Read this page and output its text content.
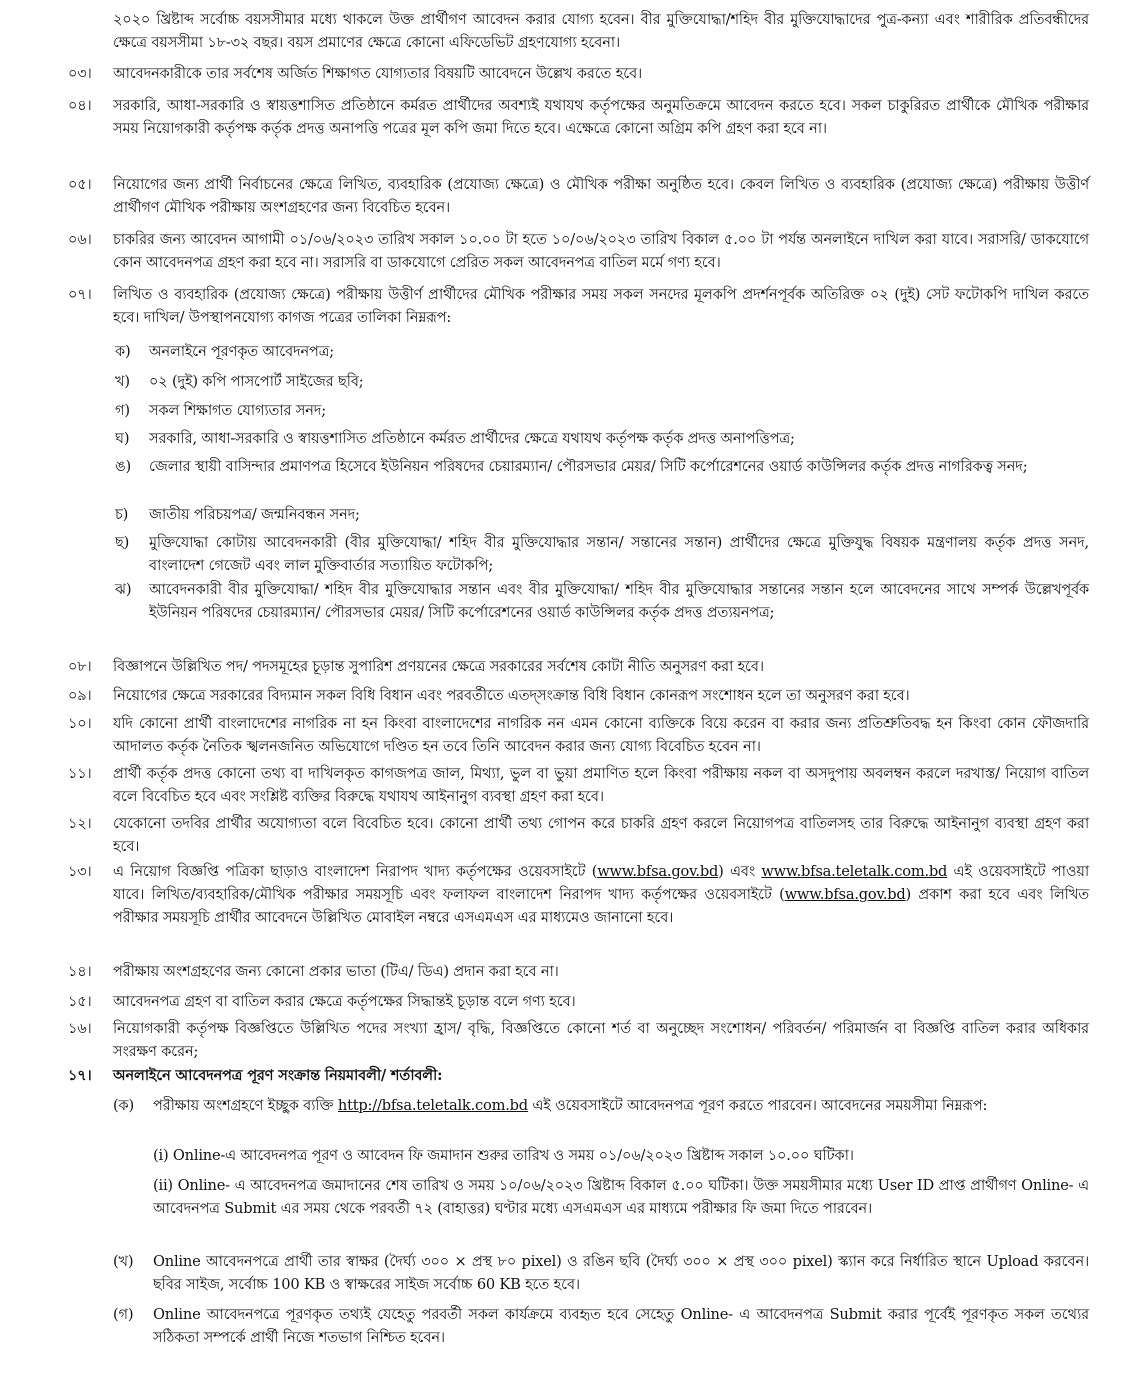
২০২০ খ্রিষ্টাব্দ সর্বোচ্চ বয়সসীমার মধ্যে থাকলে উক্ত প্রার্থীগণ আবেদন করার যোগ্য হবেন। বীর মুক্তিযোদ্ধা/শহিদ বীর মুক্তিযোদ্ধাদের পুত্র-কন্যা এবং শারীরিক প্রতিবন্ধীদের ক্ষেত্রে বয়সসীমা ১৮-৩২ বছর। বয়স প্রমাণের ক্ষেত্রে কোনো এফিডেভিট গ্রহণযোগ্য হবেনা।
০৩।	আবেদনকারীকে তার সর্বশেষ অর্জিত শিক্ষাগত যোগ্যতার বিষয়টি আবেদনে উল্লেখ করতে হবে।
০৪।	সরকারি, আধা-সরকারি ও স্বায়ত্তশাসিত প্রতিষ্ঠানে কর্মরত প্রার্থীদের অবশ্যই যথাযথ কর্তৃপক্ষের অনুমতিক্রমে আবেদন করতে হবে। সকল চাকুরিরত প্রার্থীকে মৌখিক পরীক্ষার সময় নিয়োগকারী কর্তৃপক্ষ কর্তৃক প্রদত্ত অনাপত্তি পত্রের মূল কপি জমা দিতে হবে। এক্ষেত্রে কোনো অগ্রিম কপি গ্রহণ করা হবে না।
০৫।	নিয়োগের জন্য প্রার্থী নির্বাচনের ক্ষেত্রে লিখিত, ব্যবহারিক (প্রযোজ্য ক্ষেত্রে) ও মৌখিক পরীক্ষা অনুষ্ঠিত হবে। কেবল লিখিত ও ব্যবহারিক (প্রযোজ্য ক্ষেত্রে) পরীক্ষায় উত্তীর্ণ প্রার্থীগণ মৌখিক পরীক্ষায় অংশগ্রহণের জন্য বিবেচিত হবেন।
০৬।	চাকরির জন্য আবেদন আগামী ০১/০৬/২০২৩ তারিখ সকাল ১০.০০ টা হতে ১০/০৬/২০২৩ তারিখ বিকাল ৫.০০ টা পর্যন্ত অনলাইনে দাখিল করা যাবে। সরাসরি/ ডাকযোগে কোন আবেদনপত্র গ্রহণ করা হবে না। সরাসরি বা ডাকযোগে প্রেরিত সকল আবেদনপত্র বাতিল মর্মে গণ্য হবে।
০৭।	লিখিত ও ব্যবহারিক (প্রযোজ্য ক্ষেত্রে) পরীক্ষায় উত্তীর্ণ প্রার্থীদের মৌখিক পরীক্ষার সময় সকল সনদের মূলকপি প্রদর্শনপূর্বক অতিরিক্ত ০২ (দুই) সেট ফটোকপি দাখিল করতে হবে। দাখিল/ উপস্থাপনযোগ্য কাগজ পত্রের তালিকা নিম্নরূপ:
ক)	অনলাইনে পূরণকৃত আবেদনপত্র;
খ)	০২ (দুই) কপি পাসপোর্ট সাইজের ছবি;
গ)	সকল শিক্ষাগত যোগ্যতার সনদ;
ঘ)	সরকারি, আধা-সরকারি ও স্বায়ত্তশাসিত প্রতিষ্ঠানে কর্মরত প্রার্থীদের ক্ষেত্রে যথাযথ কর্তৃপক্ষ কর্তৃক প্রদত্ত অনাপত্তিপত্র;
ঙ)	জেলার স্থায়ী বাসিন্দার প্রমাণপত্র হিসেবে ইউনিয়ন পরিষদের চেয়ারম্যান/ পৌরসভার মেয়র/ সিটি কর্পোরেশনের ওয়ার্ড কাউন্সিলর কর্তৃক প্রদত্ত নাগরিকত্ব সনদ;
চ)	জাতীয় পরিচয়পত্র/ জন্মনিবন্ধন সনদ;
ছ)	মুক্তিযোদ্ধা কোটায় আবেদনকারী (বীর মুক্তিযোদ্ধা/ শহিদ বীর মুক্তিযোদ্ধার সন্তান/ সন্তানের সন্তান) প্রার্থীদের ক্ষেত্রে মুক্তিযুদ্ধ বিষয়ক মন্ত্রণালয় কর্তৃক প্রদত্ত সনদ, বাংলাদেশ গেজেট এবং লাল মুক্তিবার্তার সত্যায়িত ফটোকপি;
ঝ)	আবেদনকারী বীর মুক্তিযোদ্ধা/ শহিদ বীর মুক্তিযোদ্ধার সন্তান এবং বীর মুক্তিযোদ্ধা/ শহিদ বীর মুক্তিযোদ্ধার সন্তানের সন্তান হলে আবেদনের সাথে সম্পর্ক উল্লেখপূর্বক ইউনিয়ন পরিষদের চেয়ারম্যান/ পৌরসভার মেয়র/ সিটি কর্পোরেশনের ওয়ার্ড কাউন্সিলর কর্তৃক প্রদত্ত প্রত্যয়নপত্র;
০৮।	বিজ্ঞাপনে উল্লিখিত পদ/ পদসমূহের চূড়ান্ত সুপারিশ প্রণয়নের ক্ষেত্রে সরকারের সর্বশেষ কোটা নীতি অনুসরণ করা হবে।
০৯।	নিয়োগের ক্ষেত্রে সরকারের বিদ্যমান সকল বিধি বিধান এবং পরবর্তীতে এতদ্সংক্রান্ত বিধি বিধান কোনরূপ সংশোধন হলে তা অনুসরণ করা হবে।
১০।	যদি কোনো প্রার্থী বাংলাদেশের নাগরিক না হন কিংবা বাংলাদেশের নাগরিক নন এমন কোনো ব্যক্তিকে বিয়ে করেন বা করার জন্য প্রতিশ্রুতিবদ্ধ হন কিংবা কোন ফৌজদারি আদালত কর্তৃক নৈতিক স্খলনজনিত অভিযোগে দণ্ডিত হন তবে তিনি আবেদন করার জন্য যোগ্য বিবেচিত হবেন না।
১১।	প্রার্থী কর্তৃক প্রদত্ত কোনো তথ্য বা দাখিলকৃত কাগজপত্র জাল, মিথ্যা, ভুল বা ভুয়া প্রমাণিত হলে কিংবা পরীক্ষায় নকল বা অসদুপায় অবলম্বন করলে দরখাস্ত/ নিয়োগ বাতিল বলে বিবেচিত হবে এবং সংশ্লিষ্ট ব্যক্তির বিরুদ্ধে যথাযথ আইনানুগ ব্যবস্থা গ্রহণ করা হবে।
১২।	যেকোনো তদবির প্রার্থীর অযোগ্যতা বলে বিবেচিত হবে। কোনো প্রার্থী তথ্য গোপন করে চাকরি গ্রহণ করলে নিয়োগপত্র বাতিলসহ তার বিরুদ্ধে আইনানুগ ব্যবস্থা গ্রহণ করা হবে।
১৩।	এ নিয়োগ বিজ্ঞপ্তি পত্রিকা ছাড়াও বাংলাদেশ নিরাপদ খাদ্য কর্তৃপক্ষের ওয়েবসাইটে (www.bfsa.gov.bd) এবং www.bfsa.teletalk.com.bd এই ওয়েবসাইটে পাওয়া যাবে। লিখিত/ব্যবহারিক/মৌখিক পরীক্ষার সময়সূচি এবং ফলাফল বাংলাদেশ নিরাপদ খাদ্য কর্তৃপক্ষের ওয়েবসাইটে (www.bfsa.gov.bd) প্রকাশ করা হবে এবং লিখিত পরীক্ষার সময়সূচি প্রার্থীর আবেদনে উল্লিখিত মোবাইল নম্বরে এসএমএস এর মাধ্যমেও জানানো হবে।
১৪।	পরীক্ষায় অংশগ্রহণের জন্য কোনো প্রকার ভাতা (টিএ/ ডিএ) প্রদান করা হবে না।
১৫।	আবেদনপত্র গ্রহণ বা বাতিল করার ক্ষেত্রে কর্তৃপক্ষের সিদ্ধান্তই চূড়ান্ত বলে গণ্য হবে।
১৬।	নিয়োগকারী কর্তৃপক্ষ বিজ্ঞপ্তিতে উল্লিখিত পদের সংখ্যা হ্রাস/ বৃদ্ধি, বিজ্ঞপ্তিতে কোনো শর্ত বা অনুচ্ছেদ সংশোধন/ পরিবর্তন/ পরিমার্জন বা বিজ্ঞপ্তি বাতিল করার অধিকার সংরক্ষণ করেন;
১৭।	অনলাইনে আবেদনপত্র পূরণ সংক্রান্ত নিয়মাবলী/ শর্তাবলী:
(ক)	পরীক্ষায় অংশগ্রহণে ইচ্ছুক ব্যক্তি http://bfsa.teletalk.com.bd এই ওয়েবসাইটে আবেদনপত্র পূরণ করতে পারবেন। আবেদনের সময়সীমা নিম্নরূপ:
(i) Online-এ আবেদনপত্র পূরণ ও আবেদন ফি জমাদান শুরুর তারিখ ও সময় ০১/০৬/২০২৩ খ্রিষ্টাব্দ সকাল ১০.০০ ঘটিকা।
(ii) Online- এ আবেদনপত্র জমাদানের শেষ তারিখ ও সময় ১০/০৬/২০২৩ খ্রিষ্টাব্দ বিকাল ৫.০০ ঘটিকা। উক্ত সময়সীমার মধ্যে User ID প্রাপ্ত প্রার্থীগণ Online- এ আবেদনপত্র Submit এর সময় থেকে পরবর্তী ৭২ (বাহাত্তর) ঘণ্টার মধ্যে এসএমএস এর মাধ্যমে পরীক্ষার ফি জমা দিতে পারবেন।
(খ)	Online আবেদনপত্রে প্রার্থী তার স্বাক্ষর (দৈর্ঘ্য ৩০০ × প্রস্থ ৮০ pixel) ও রঙিন ছবি (দৈর্ঘ্য ৩০০ × প্রস্থ ৩০০ pixel) স্ক্যান করে নির্ধারিত স্থানে Upload করবেন। ছবির সাইজ, সর্বোচ্চ 100 KB ও স্বাক্ষরের সাইজ সর্বোচ্চ 60 KB হতে হবে।
(গ)	Online আবেদনপত্রে পূরণকৃত তথ্যই যেহেতু পরবর্তী সকল কার্যক্রমে ব্যবহৃত হবে সেহেতু Online- এ আবেদনপত্র Submit করার পূর্বেই পূরণকৃত সকল তথ্যের সঠিকতা সম্পর্কে প্রার্থী নিজে শতভাগ নিশ্চিত হবেন।
